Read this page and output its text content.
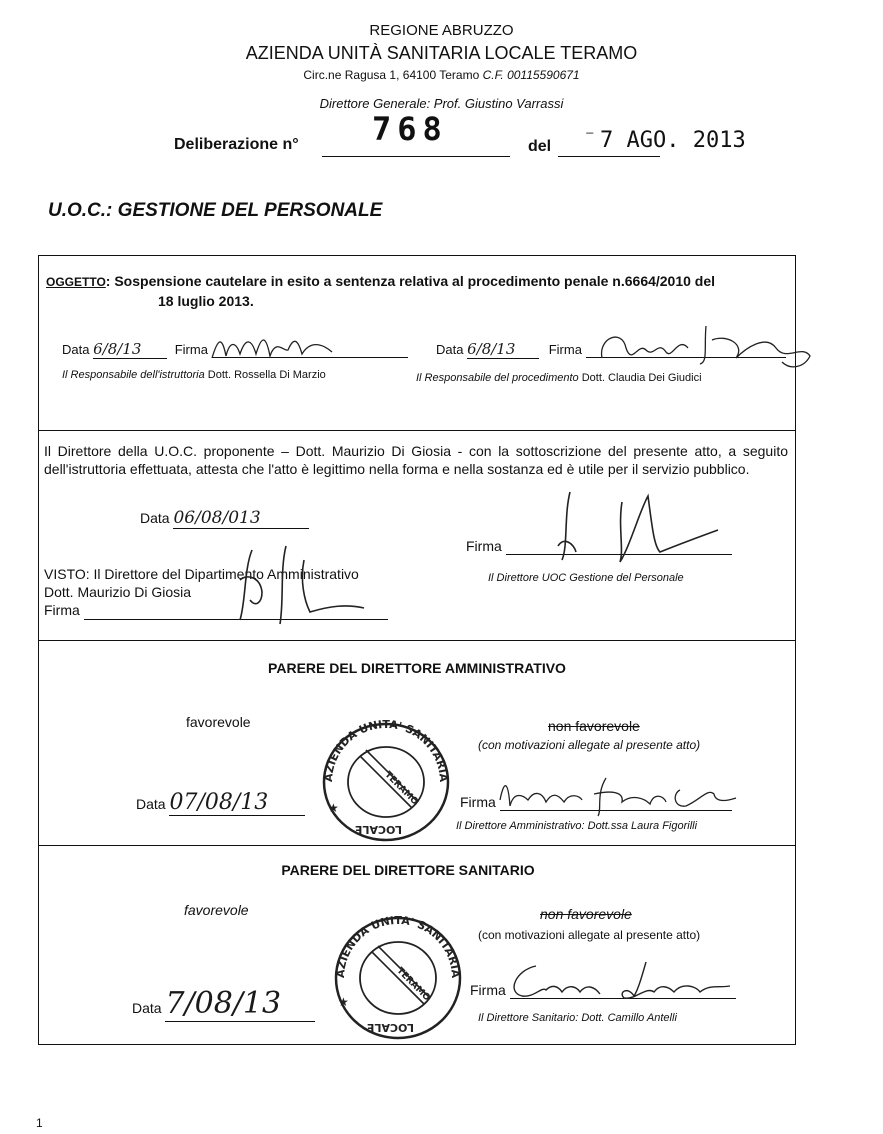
REGIONE ABRUZZO
AZIENDA UNITÀ SANITARIA LOCALE TERAMO
Circ.ne Ragusa 1, 64100 Teramo C.F. 00115590671
Direttore Generale: Prof. Giustino Varrassi
Deliberazione n° 768	del
⁻ 7 AGO. 2013
U.O.C.: GESTIONE DEL PERSONALE
OGGETTO: Sospensione cautelare in esito a sentenza relativa al procedimento penale n.6664/2010 del
18 luglio 2013.
Data 6/8/13	Firma
Il Responsabile dell'istruttoria Dott. Rossella Di Marzio
Data 6/8/13	Firma
Il Responsabile del procedimento Dott. Claudia Dei Giudici
Il Direttore della U.O.C. proponente – Dott. Maurizio Di Giosia - con la sottoscrizione del presente atto, a seguito dell'istruttoria effettuata, attesta che l'atto è legittimo nella forma e nella sostanza ed è utile per il servizio pubblico.
Data 06/08/013
Firma
Il Direttore UOC Gestione del Personale
VISTO: Il Direttore del Dipartimento Amministrativo
Dott. Maurizio Di Giosia
Firma
PARERE DEL DIRETTORE AMMINISTRATIVO
favorevole	non favorevole
(con motivazioni allegate al presente atto)
Data 07/08/13	Firma
Il Direttore Amministrativo: Dott.ssa Laura Figorilli
PARERE DEL DIRETTORE SANITARIO
favorevole	non favorevole
(con motivazioni allegate al presente atto)
Data 7/08/13	Firma
Il Direttore Sanitario: Dott. Camillo Antelli
AZIENDA UNITA' SANITARIA
TERAMO
LOCALE
★
AZIENDA UNITA' SANITARIA
TERAMO
LOCALE
★
1
